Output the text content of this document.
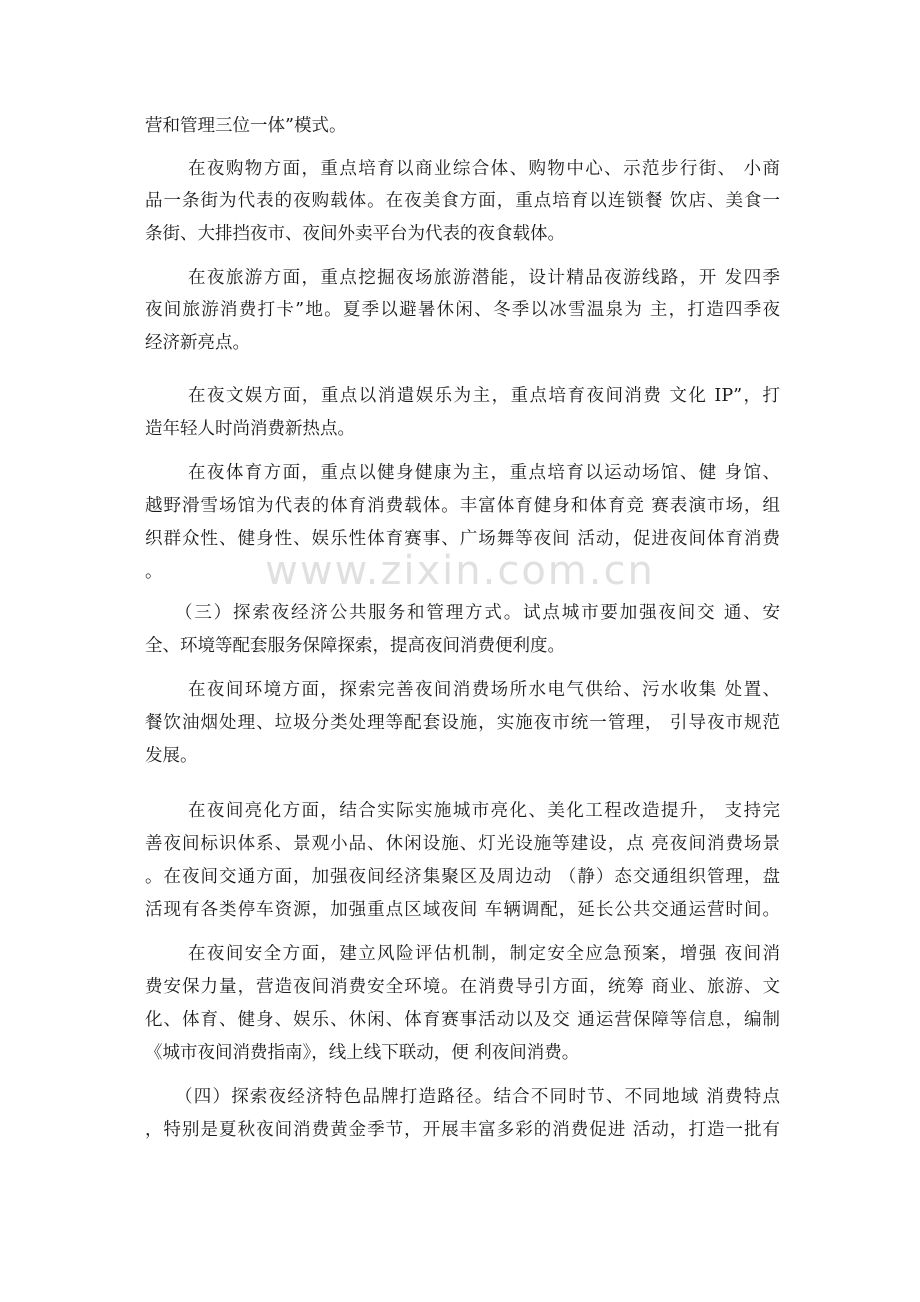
www.zixin.com.cn
营和管理三位一体”模式。
在夜购物方面，重点培育以商业综合体、购物中心、示范步行街、 小商
品一条街为代表的夜购载体。在夜美食方面，重点培育以连锁餐 饮店、美食一
条街、大排挡夜市、夜间外卖平台为代表的夜食载体。
在夜旅游方面，重点挖掘夜场旅游潜能，设计精品夜游线路，开 发四季
夜间旅游消费打卡”地。夏季以避暑休闲、冬季以冰雪温泉为 主，打造四季夜
经济新亮点。
在夜文娱方面，重点以消遣娱乐为主，重点培育夜间消费 文化 IP”，打
造年轻人时尚消费新热点。
在夜体育方面，重点以健身健康为主，重点培育以运动场馆、健 身馆、
越野滑雪场馆为代表的体育消费载体。丰富体育健身和体育竞 赛表演市场，组
织群众性、健身性、娱乐性体育赛事、广场舞等夜间 活动，促进夜间体育消费
。
（三）探索夜经济公共服务和管理方式。试点城市要加强夜间交 通、安
全、环境等配套服务保障探索，提高夜间消费便利度。
在夜间环境方面，探索完善夜间消费场所水电气供给、污水收集 处置、
餐饮油烟处理、垃圾分类处理等配套设施，实施夜市统一管理， 引导夜市规范
发展。
在夜间亮化方面，结合实际实施城市亮化、美化工程改造提升， 支持完
善夜间标识体系、景观小品、休闲设施、灯光设施等建设，点 亮夜间消费场景
。在夜间交通方面，加强夜间经济集聚区及周边动 （静）态交通组织管理，盘
活现有各类停车资源，加强重点区域夜间 车辆调配，延长公共交通运营时间。
在夜间安全方面，建立风险评估机制，制定安全应急预案，增强 夜间消
费安保力量，营造夜间消费安全环境。在消费导引方面，统筹 商业、旅游、文
化、体育、健身、娱乐、休闲、体育赛事活动以及交 通运营保障等信息，编制
《城市夜间消费指南》，线上线下联动，便 利夜间消费。
（四）探索夜经济特色品牌打造路径。结合不同时节、不同地域 消费特点
，特别是夏秋夜间消费黄金季节，开展丰富多彩的消费促进 活动，打造一批有
